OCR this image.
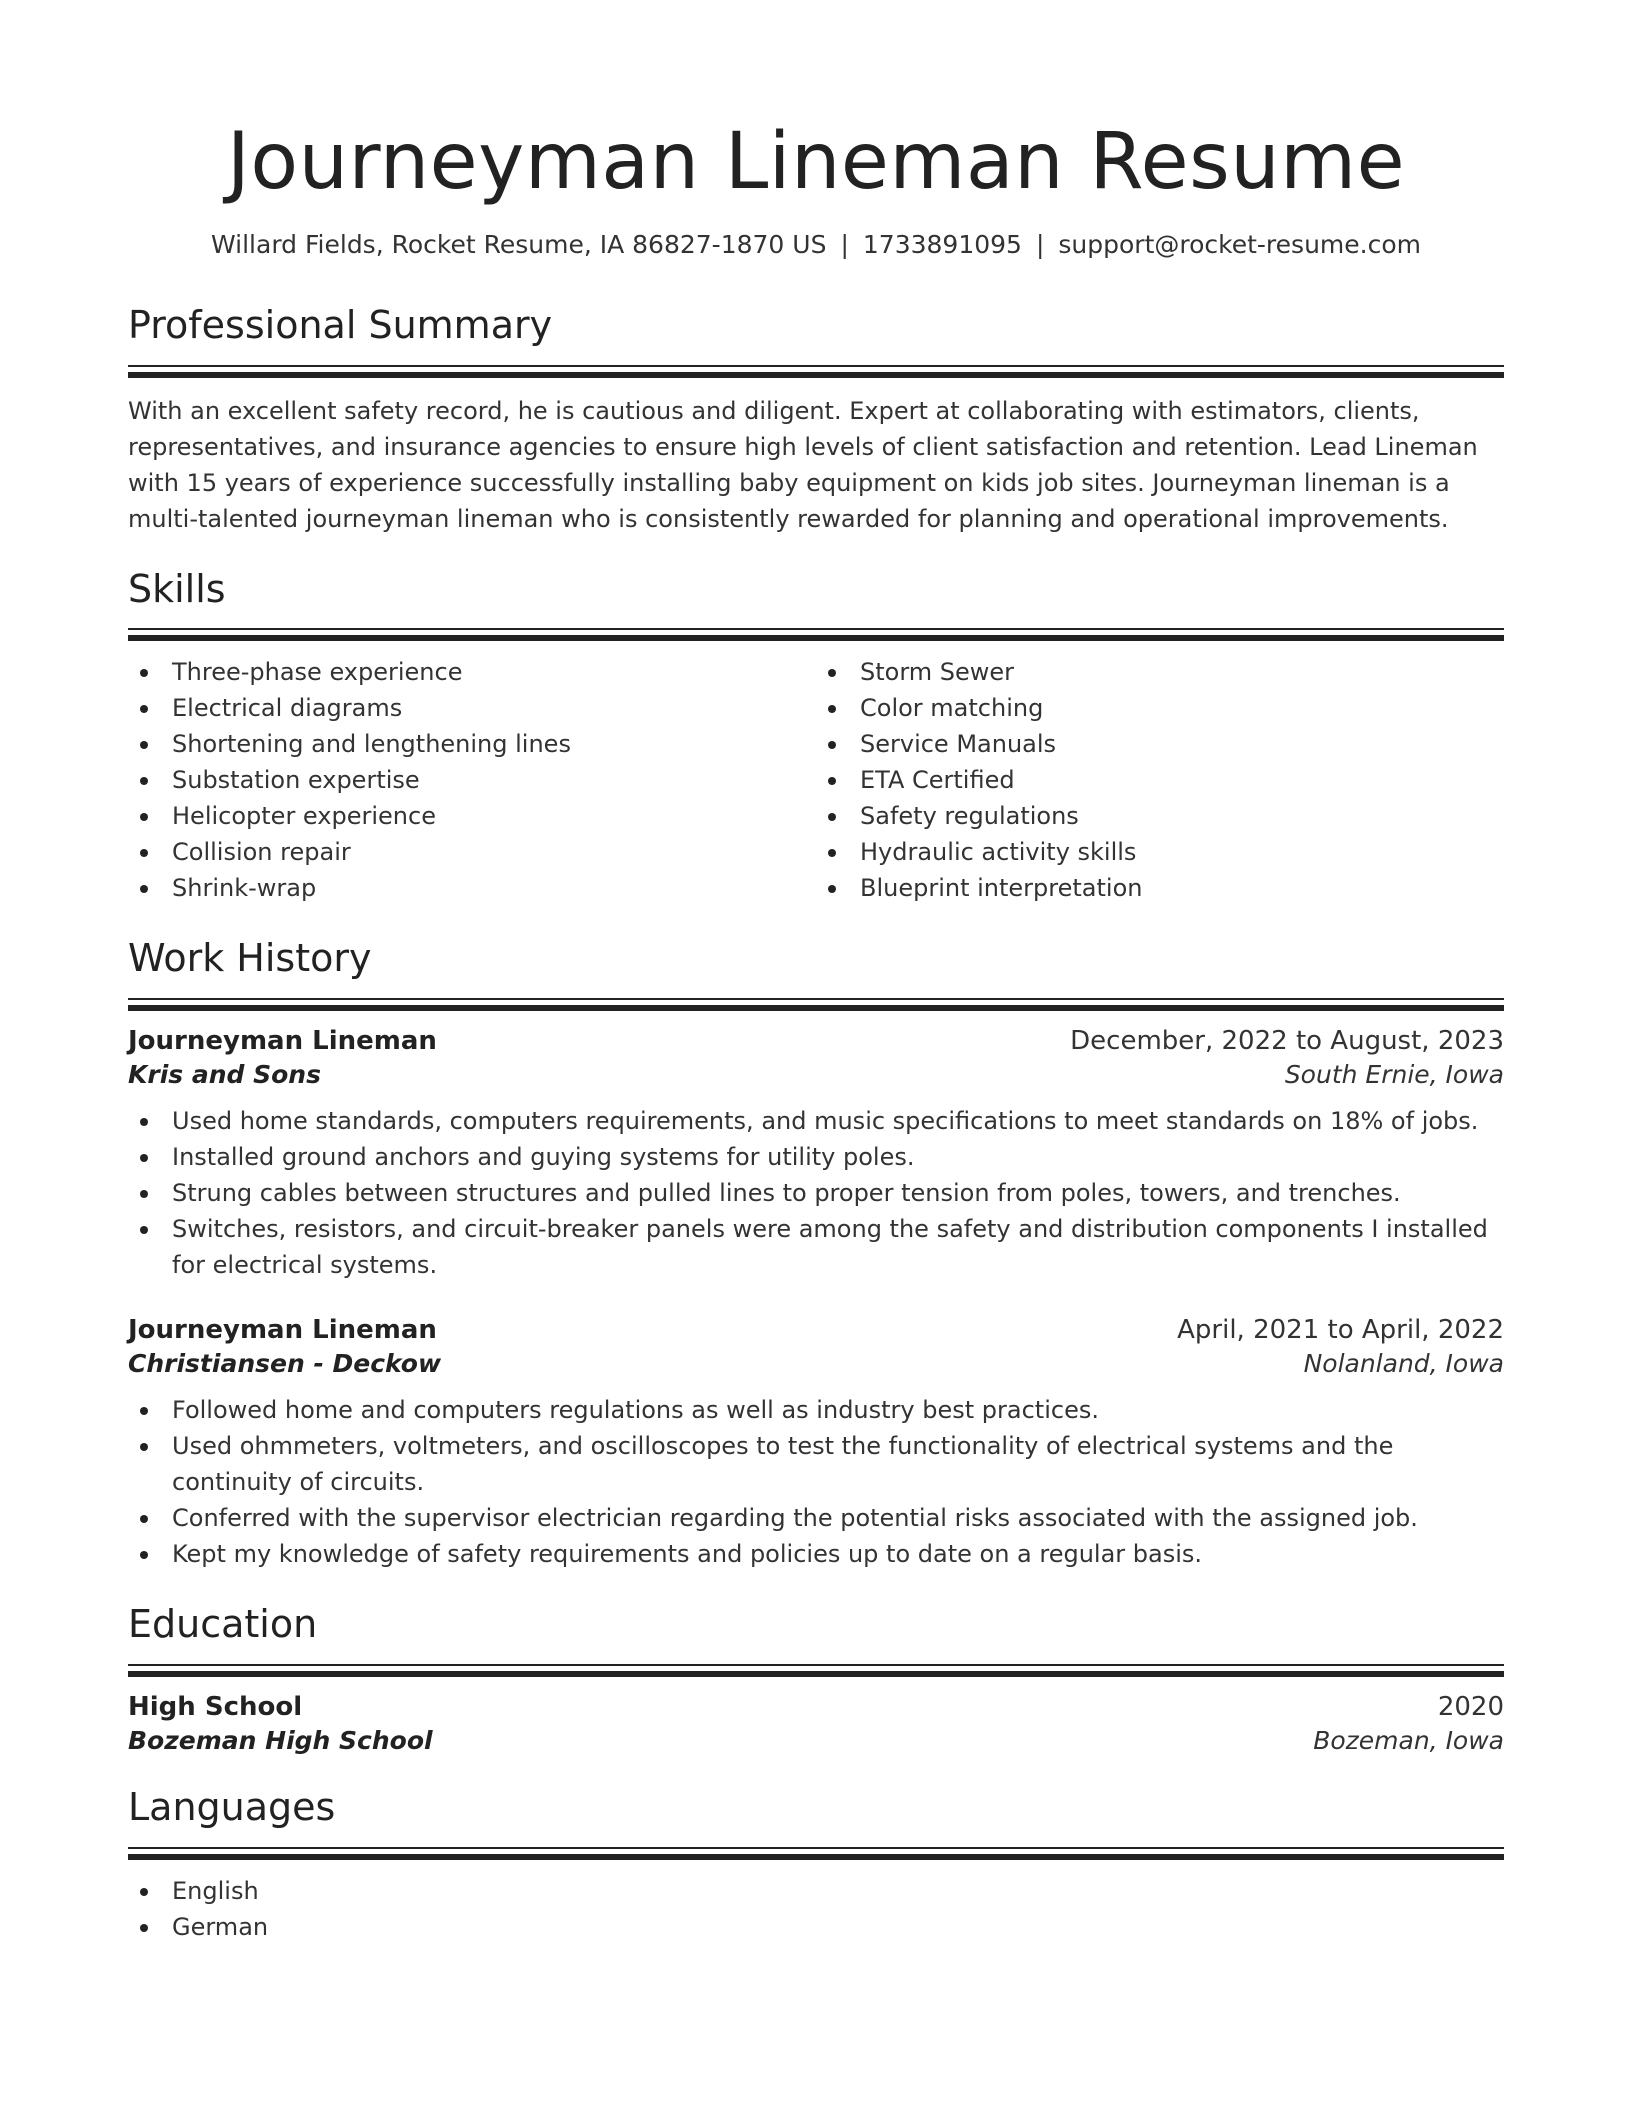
Journeyman Lineman Resume
Willard Fields, Rocket Resume, IA 86827-1870 US | 1733891095 | support@rocket-resume.com
Professional Summary

With an excellent safety record, he is cautious and diligent. Expert at collaborating with estimators, clients, representatives, and insurance agencies to ensure high levels of client satisfaction and retention. Lead Lineman with 15 years of experience successfully installing baby equipment on kids job sites. Journeyman lineman is a multi-talented journeyman lineman who is consistently rewarded for planning and operational improvements.

Skills
Three-phase experience
Electrical diagrams
Shortening and lengthening lines
Substation expertise
Helicopter experience
Collision repair
Shrink-wrap
Storm Sewer
Color matching
Service Manuals
ETA Certified
Safety regulations
Hydraulic activity skills
Blueprint interpretation
Work History
Journeyman Lineman	December, 2022 to August, 2023
Kris and Sons	South Ernie, Iowa
Used home standards, computers requirements, and music specifications to meet standards on 18% of jobs.
Installed ground anchors and guying systems for utility poles.
Strung cables between structures and pulled lines to proper tension from poles, towers, and trenches.
Switches, resistors, and circuit-breaker panels were among the safety and distribution components I installed for electrical systems.
Journeyman Lineman	April, 2021 to April, 2022
Christiansen - Deckow	Nolanland, Iowa
Followed home and computers regulations as well as industry best practices.
Used ohmmeters, voltmeters, and oscilloscopes to test the functionality of electrical systems and the continuity of circuits.
Conferred with the supervisor electrician regarding the potential risks associated with the assigned job.
Kept my knowledge of safety requirements and policies up to date on a regular basis.
Education
High School	2020
Bozeman High School	Bozeman, Iowa
Languages
English
German
